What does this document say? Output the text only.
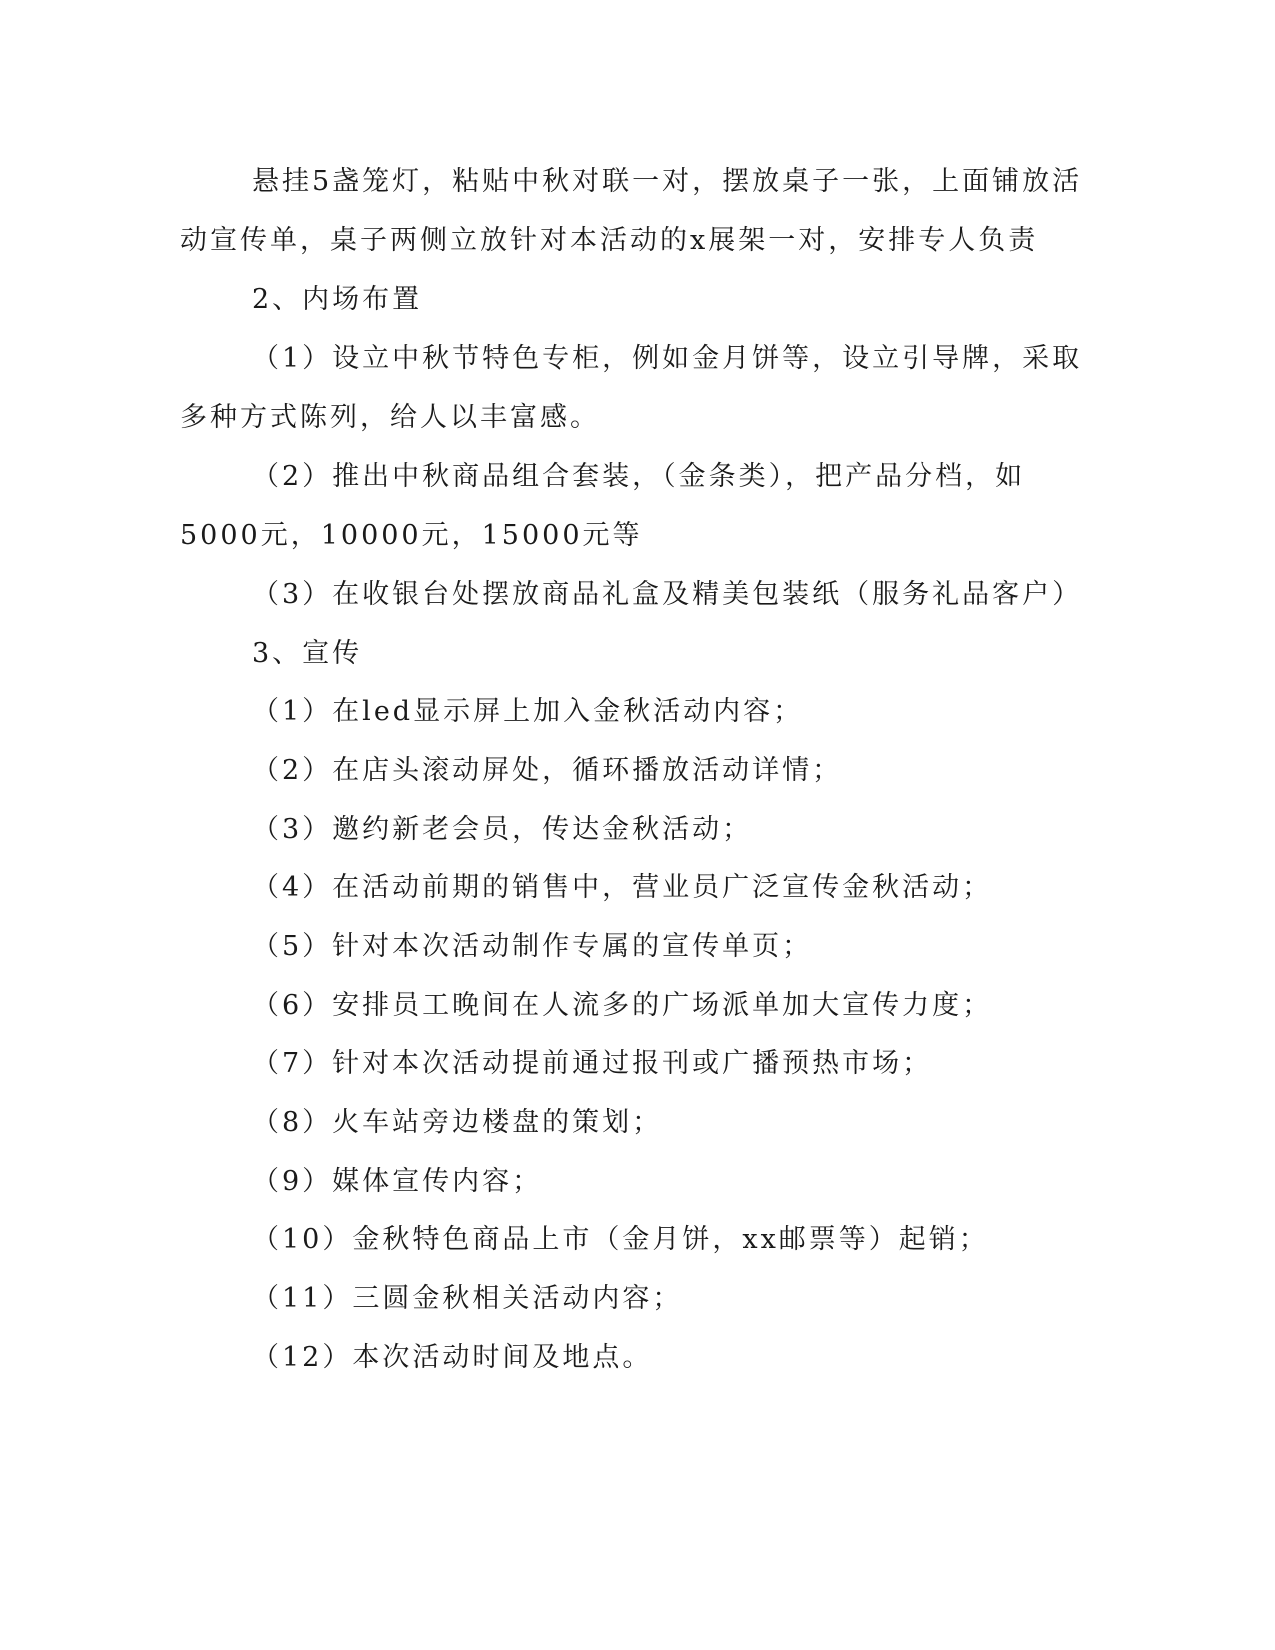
悬挂5盏笼灯，粘贴中秋对联一对，摆放桌子一张，上面铺放活
动宣传单，桌子两侧立放针对本活动的x展架一对，安排专人负责
2、内场布置
（1）设立中秋节特色专柜，例如金月饼等，设立引导牌，采取
多种方式陈列，给人以丰富感。
（2）推出中秋商品组合套装，（金条类），把产品分档，如
5000元，10000元，15000元等
（3）在收银台处摆放商品礼盒及精美包装纸（服务礼品客户）
3、宣传
（1）在led显示屏上加入金秋活动内容；
（2）在店头滚动屏处，循环播放活动详情；
（3）邀约新老会员，传达金秋活动；
（4）在活动前期的销售中，营业员广泛宣传金秋活动；
（5）针对本次活动制作专属的宣传单页；
（6）安排员工晚间在人流多的广场派单加大宣传力度；
（7）针对本次活动提前通过报刊或广播预热市场；
（8）火车站旁边楼盘的策划；
（9）媒体宣传内容；
（10）金秋特色商品上市（金月饼，xx邮票等）起销；
（11）三圆金秋相关活动内容；
（12）本次活动时间及地点。
